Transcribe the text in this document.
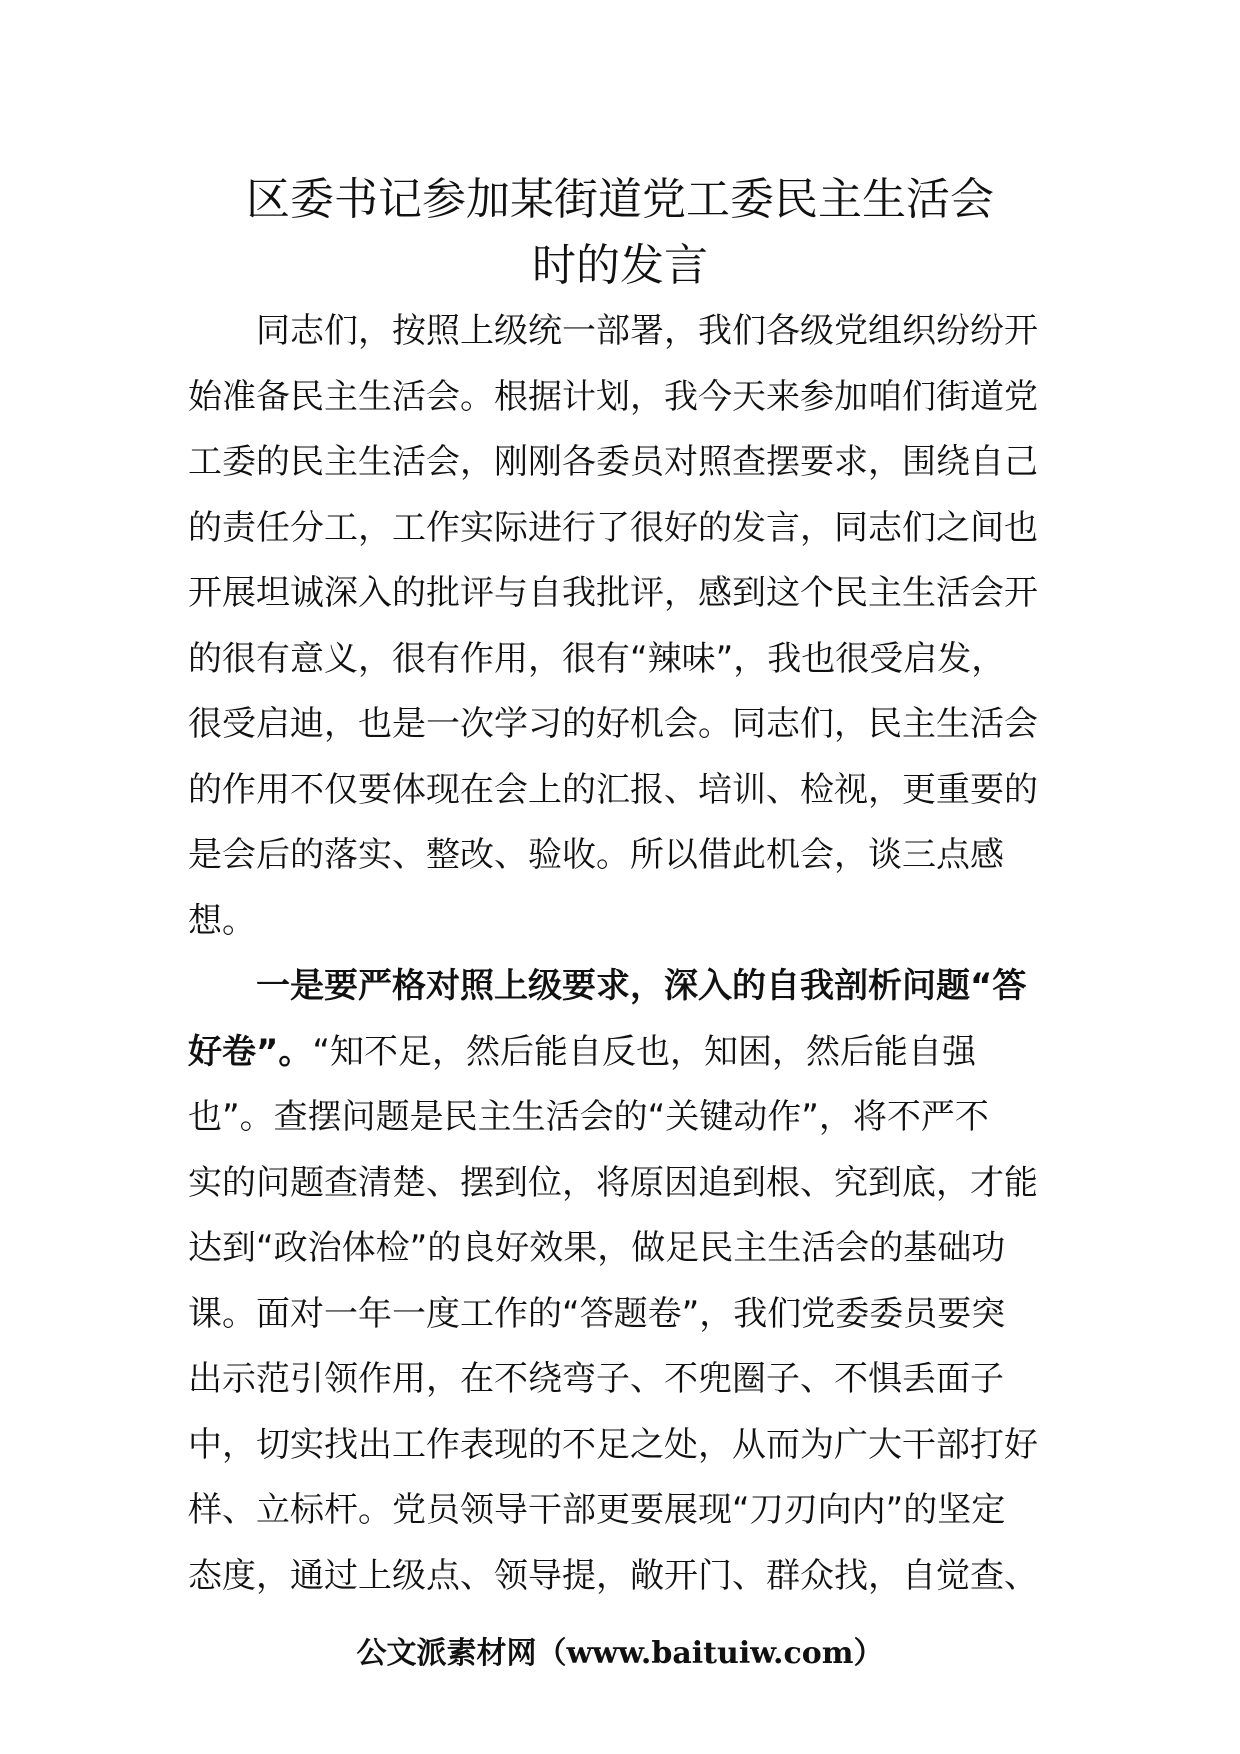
区委书记参加某街道党工委民主生活会
时的发言
同志们，按照上级统一部署，我们各级党组织纷纷开
始准备民主生活会。根据计划，我今天来参加咱们街道党
工委的民主生活会，刚刚各委员对照查摆要求，围绕自己
的责任分工，工作实际进行了很好的发言，同志们之间也
开展坦诚深入的批评与自我批评，感到这个民主生活会开
的很有意义，很有作用，很有“辣味”，我也很受启发，
很受启迪，也是一次学习的好机会。同志们，民主生活会
的作用不仅要体现在会上的汇报、培训、检视，更重要的
是会后的落实、整改、验收。所以借此机会，谈三点感
想。
一是要严格对照上级要求，深入的自我剖析问题“答
好卷”。“知不足，然后能自反也，知困，然后能自强
也”。查摆问题是民主生活会的“关键动作”，将不严不
实的问题查清楚、摆到位，将原因追到根、究到底，才能
达到“政治体检”的良好效果，做足民主生活会的基础功
课。面对一年一度工作的“答题卷”，我们党委委员要突
出示范引领作用，在不绕弯子、不兜圈子、不惧丢面子
中，切实找出工作表现的不足之处，从而为广大干部打好
样、立标杆。党员领导干部更要展现“刀刃向内”的坚定
态度，通过上级点、领导提，敞开门、群众找，自觉查、
公文派素材网（www.baituiw.com）
